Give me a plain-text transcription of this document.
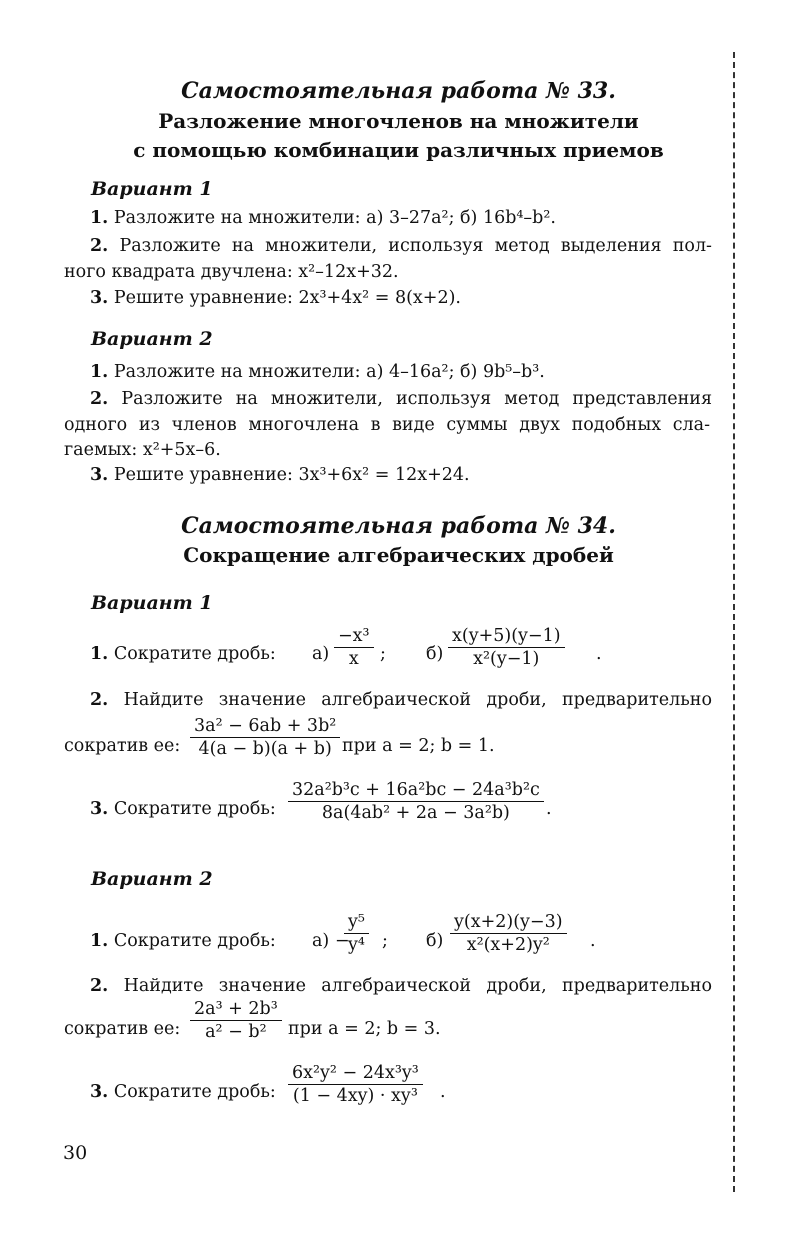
Самостоятельная работа № 33.
Разложение многочленов на множители
с помощью комбинации различных приемов
Вариант 1
1. Разложите на множители: а) 3–27a²; б) 16b⁴–b².
2. Разложите на множители, используя метод выделения пол-
ного квадрата двучлена: x²–12x+32.
3. Решите уравнение: 2x³+4x² = 8(x+2).
Вариант 2
1. Разложите на множители: а) 4–16a²; б) 9b⁵–b³.
2. Разложите на множители, используя метод представления
одного из членов многочлена в виде суммы двух подобных сла-
гаемых: x²+5x–6.
3. Решите уравнение: 3x³+6x² = 12x+24.
Самостоятельная работа № 34.
Сокращение алгебраических дробей
Вариант 1
1. Сократите дробь: а)
−x³
x	; б)
x(y+5)(y−1)
x²(y−1)	.
2. Найдите значение алгебраической дроби, предварительно
сократив ее:
3a² − 6ab + 3b²
4(a − b)(a + b) при a = 2; b = 1.
3. Сократите дробь:
32a²b³c + 16a²bc − 24a³b²c
8a(4ab² + 2a − 3a²b)	.
Вариант 2
1. Сократите дробь: а) −
y⁵
y⁴ ; б)
y(x+2)(y−3)
x²(x+2)y²	.
2. Найдите значение алгебраической дроби, предварительно
сократив ее:
2a³ + 2b³
a² − b²	при a = 2; b = 3.
3. Сократите дробь:
6x²y² − 24x³y³
(1 − 4xy) · xy³ .
30
